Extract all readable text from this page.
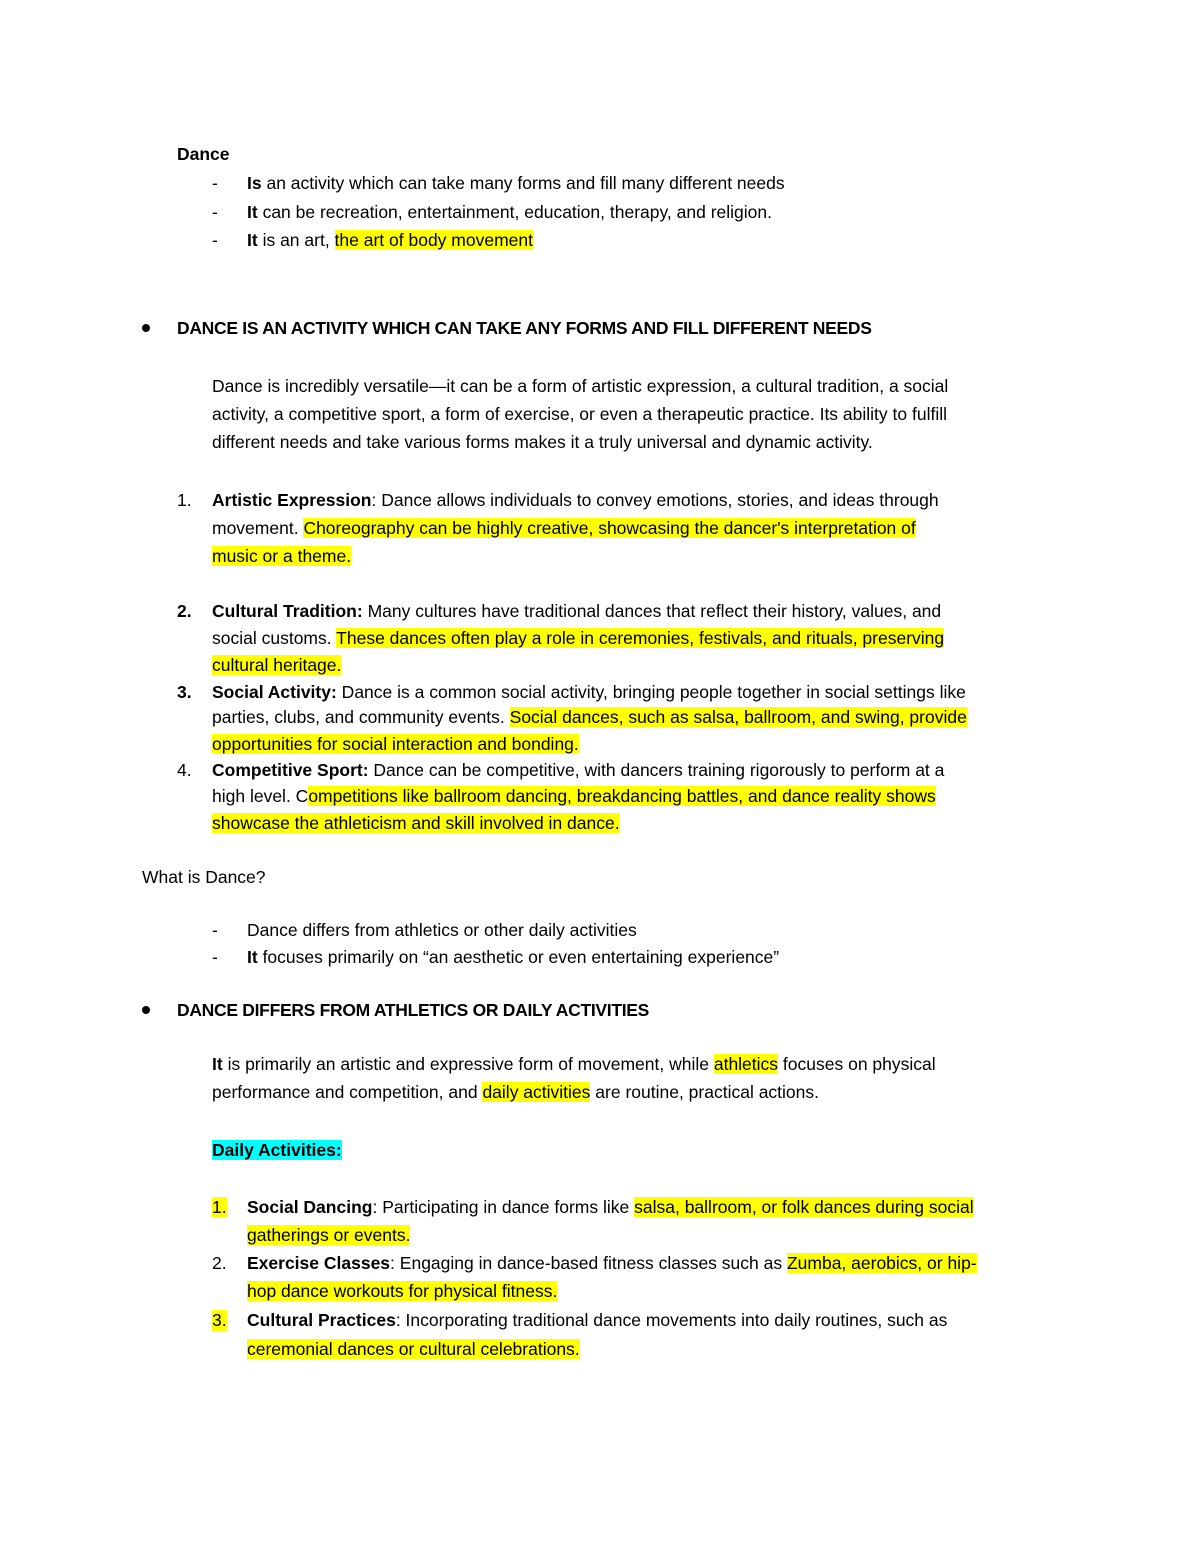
Dance
- Is an activity which can take many forms and fill many different needs
- It can be recreation, entertainment, education, therapy, and religion.
- It is an art, the art of body movement
DANCE IS AN ACTIVITY WHICH CAN TAKE ANY FORMS AND FILL DIFFERENT NEEDS
Dance is incredibly versatile—it can be a form of artistic expression, a cultural tradition, a social
activity, a competitive sport, a form of exercise, or even a therapeutic practice. Its ability to fulfill
different needs and take various forms makes it a truly universal and dynamic activity.
1. Artistic Expression: Dance allows individuals to convey emotions, stories, and ideas through
movement. Choreography can be highly creative, showcasing the dancer's interpretation of
music or a theme.
2. Cultural Tradition: Many cultures have traditional dances that reflect their history, values, and
social customs. These dances often play a role in ceremonies, festivals, and rituals, preserving
cultural heritage.
3. Social Activity: Dance is a common social activity, bringing people together in social settings like
parties, clubs, and community events. Social dances, such as salsa, ballroom, and swing, provide
opportunities for social interaction and bonding.
4. Competitive Sport: Dance can be competitive, with dancers training rigorously to perform at a
high level. Competitions like ballroom dancing, breakdancing battles, and dance reality shows
showcase the athleticism and skill involved in dance.
What is Dance?
- Dance differs from athletics or other daily activities
- It focuses primarily on “an aesthetic or even entertaining experience”
DANCE DIFFERS FROM ATHLETICS OR DAILY ACTIVITIES
It is primarily an artistic and expressive form of movement, while athletics focuses on physical
performance and competition, and daily activities are routine, practical actions.
Daily Activities:
1. Social Dancing: Participating in dance forms like salsa, ballroom, or folk dances during social
gatherings or events.
2. Exercise Classes: Engaging in dance-based fitness classes such as Zumba, aerobics, or hip-
hop dance workouts for physical fitness.
3. Cultural Practices: Incorporating traditional dance movements into daily routines, such as
ceremonial dances or cultural celebrations.
